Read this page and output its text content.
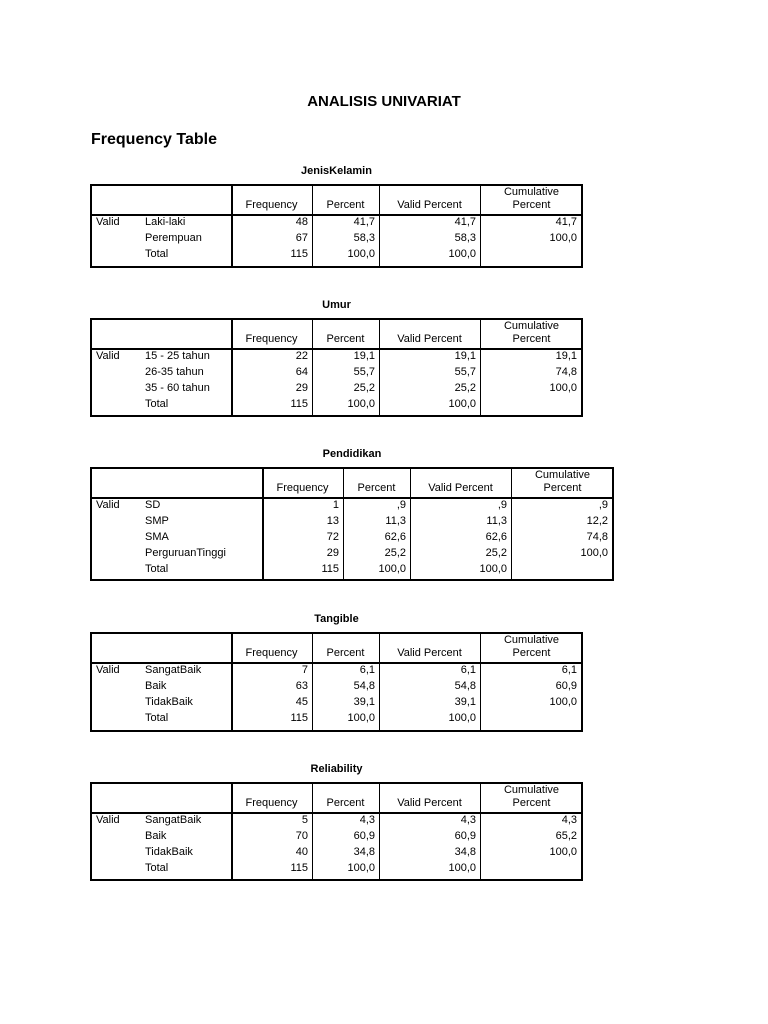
ANALISIS UNIVARIAT
Frequency Table
JenisKelamin
Frequency	Percent	Valid Percent
Cumulative
Percent
Valid Laki-laki	48	41,7	41,7	41,7
Perempuan	67	58,3	58,3	100,0
Total	115	100,0	100,0
Umur
Frequency	Percent	Valid Percent
Cumulative
Percent
Valid 15 - 25 tahun	22	19,1	19,1	19,1
26-35 tahun	64	55,7	55,7	74,8
35 - 60 tahun	29	25,2	25,2	100,0
Total	115	100,0	100,0
Pendidikan
Frequency	Percent	Valid Percent
Cumulative
Percent
Valid SD	1	,9	,9	,9
SMP	13	11,3	11,3	12,2
SMA	72	62,6	62,6	74,8
PerguruanTinggi	29	25,2	25,2	100,0
Total	115	100,0	100,0
Tangible
Frequency	Percent	Valid Percent
Cumulative
Percent
Valid SangatBaik	7	6,1	6,1	6,1
Baik	63	54,8	54,8	60,9
TidakBaik	45	39,1	39,1	100,0
Total	115	100,0	100,0
Reliability
Frequency	Percent	Valid Percent
Cumulative
Percent
Valid SangatBaik	5	4,3	4,3	4,3
Baik	70	60,9	60,9	65,2
TidakBaik	40	34,8	34,8	100,0
Total	115	100,0	100,0
